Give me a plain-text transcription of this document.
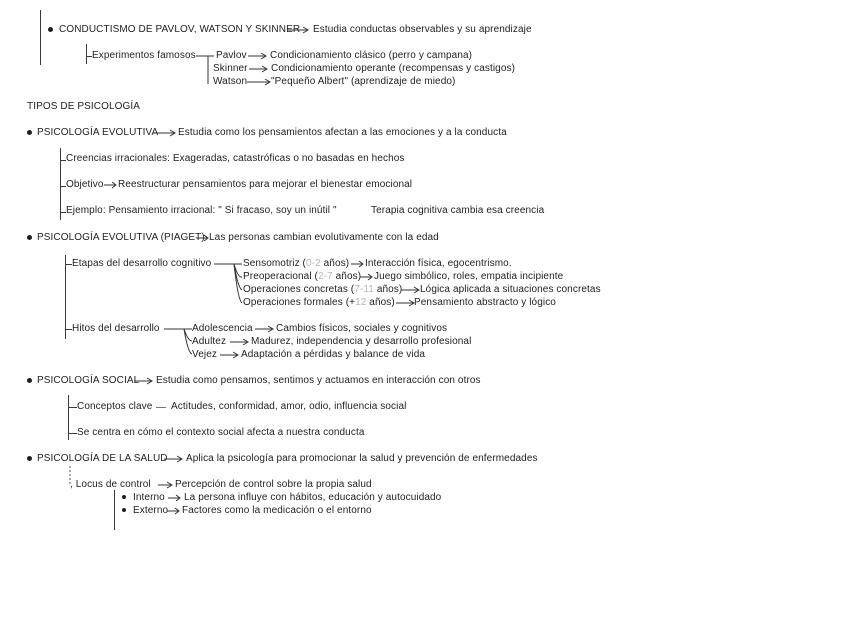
CONDUCTISMO DE PAVLOV, WATSON Y SKINNER Estudia conductas observables y su aprendizaje
Experimentos famosos Pavlov Condicionamiento clásico (perro y campana)
Skinner Condicionamiento operante (recompensas y castigos)
Watson "Pequeño Albert" (aprendizaje de miedo)
TIPOS DE PSICOLOGÍA
PSICOLOGÍA EVOLUTIVA Estudia como los pensamientos afectan a las emociones y a la conducta
Creencias irracionales: Exageradas, catastróficas o no basadas en hechos
Objetivo Reestructurar pensamientos para mejorar el bienestar emocional
Ejemplo: Pensamiento irracional: " Si fracaso, soy un inútil "	Terapia cognitiva cambia esa creencia
PSICOLOGÍA EVOLUTIVA (PIAGET) Las personas cambian evolutivamente con la edad
Etapas del desarrollo cognitivo	Sensomotriz (0-2 años) Interacción física, egocentrismo.
Preoperacional (2-7 años) Juego simbólico, roles, empatia incipiente
Operaciones concretas (7-11 años) Lógica aplicada a situaciones concretas
Operaciones formales (+12 años) Pensamiento abstracto y lógico
Hitos del desarrollo	Adolescencia Cambios físicos, sociales y cognitivos
Adultez Madurez, independencia y desarrollo profesional
Vejez Adaptación a pérdidas y balance de vida
PSICOLOGÍA SOCIAL Estudia como pensamos, sentimos y actuamos en interacción con otros
Conceptos clave Actitudes, conformidad, amor, odio, influencia social
Se centra en cómo el contexto social afecta a nuestra conducta
PSICOLOGÍA DE LA SALUD Aplica la psicología para promocionar la salud y prevención de enfermedades
, Locus de control Percepción de control sobre la propia salud
Interno La persona influye con hábitos, educación y autocuidado
Externo Factores como la medicación o el entorno
